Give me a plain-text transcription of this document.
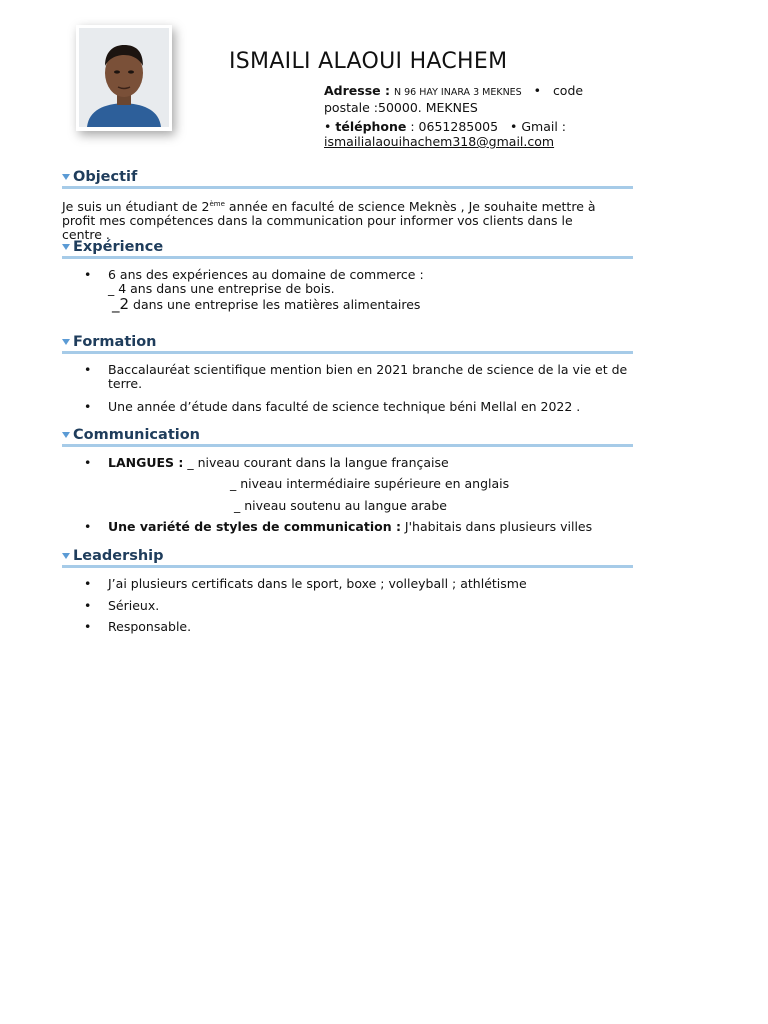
ISMAILI ALAOUI HACHEM
Adresse : N 96 HAY INARA 3 MEKNES • code
postale :50000. MEKNES
• téléphone : 0651285005 • Gmail :
ismailialaouihachem318@gmail.com
Objectif
Je suis un étudiant de 2ème année en faculté de science Meknès , Je souhaite mettre à
profit mes compétences dans la communication pour informer vos clients dans le
centre .
Expérience
• 6 ans des expériences au domaine de commerce :
_ 4 ans dans une entreprise de bois.
_2 dans une entreprise les matières alimentaires
Formation
• Baccalauréat scientifique mention bien en 2021 branche de science de la vie et de terre.
• Une année d’étude dans faculté de science technique béni Mellal en 2022 .
Communication
• LANGUES : _ niveau courant dans la langue française
_ niveau intermédiaire supérieure en anglais
_ niveau soutenu au langue arabe
• Une variété de styles de communication : J'habitais dans plusieurs villes
Leadership
• J’ai plusieurs certificats dans le sport, boxe ; volleyball ; athlétisme
• Sérieux.
• Responsable.
